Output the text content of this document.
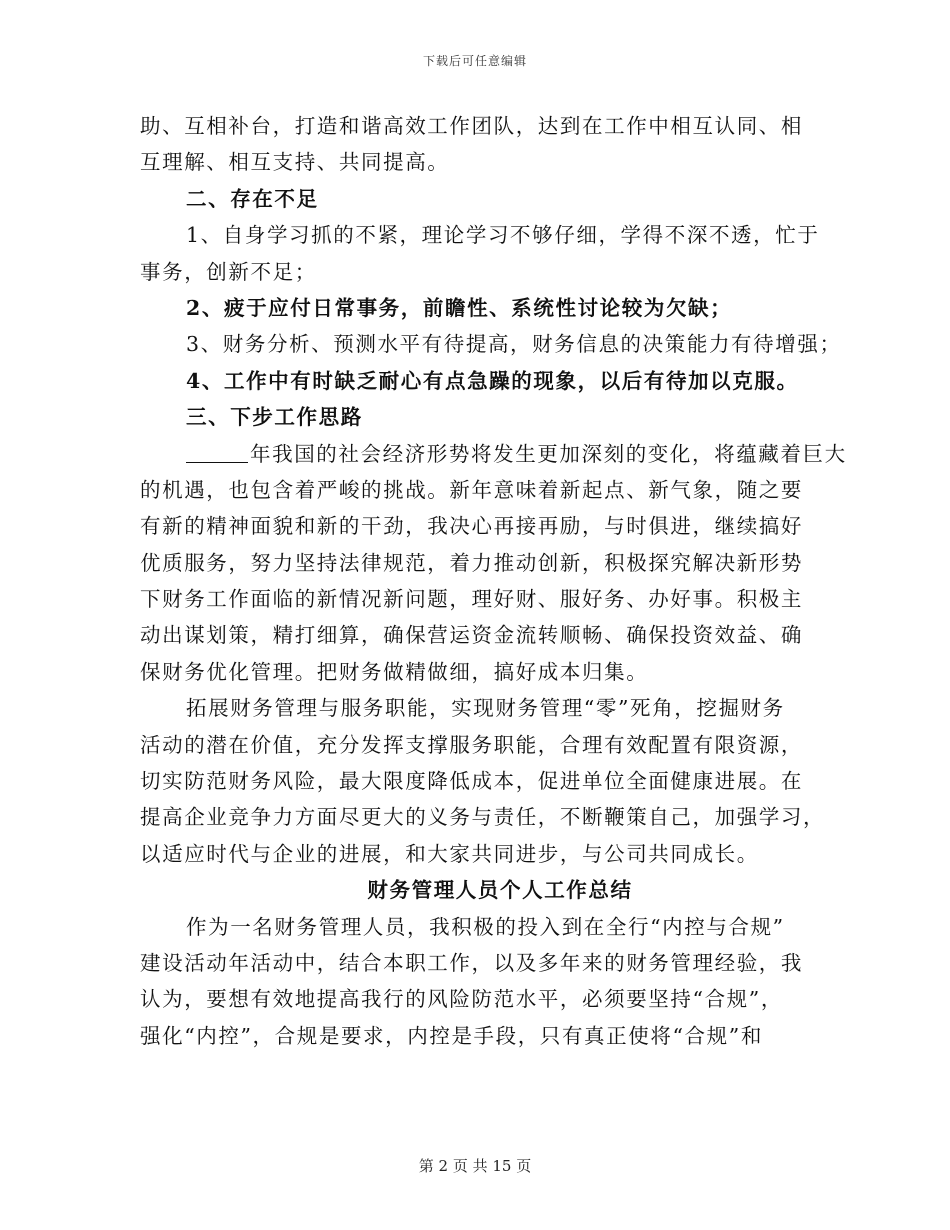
下载后可任意编辑
助、互相补台，打造和谐高效工作团队，达到在工作中相互认同、相
互理解、相互支持、共同提高。
二、存在不足
1、自身学习抓的不紧，理论学习不够仔细，学得不深不透，忙于
事务，创新不足；
2、疲于应付日常事务，前瞻性、系统性讨论较为欠缺；
3、财务分析、预测水平有待提高，财务信息的决策能力有待增强；
4、工作中有时缺乏耐心有点急躁的现象，以后有待加以克服。
三、下步工作思路
年我国的社会经济形势将发生更加深刻的变化，将蕴藏着巨大
的机遇，也包含着严峻的挑战。新年意味着新起点、新气象，随之要
有新的精神面貌和新的干劲，我决心再接再励，与时俱进，继续搞好
优质服务，努力坚持法律规范，着力推动创新，积极探究解决新形势
下财务工作面临的新情况新问题，理好财、服好务、办好事。积极主
动出谋划策，精打细算，确保营运资金流转顺畅、确保投资效益、确
保财务优化管理。把财务做精做细，搞好成本归集。
拓展财务管理与服务职能，实现财务管理“零”死角，挖掘财务
活动的潜在价值，充分发挥支撑服务职能，合理有效配置有限资源，
切实防范财务风险，最大限度降低成本，促进单位全面健康进展。在
提高企业竞争力方面尽更大的义务与责任，不断鞭策自己，加强学习，
以适应时代与企业的进展，和大家共同进步，与公司共同成长。
财务管理人员个人工作总结
作为一名财务管理人员，我积极的投入到在全行“内控与合规”
建设活动年活动中，结合本职工作，以及多年来的财务管理经验，我
认为，要想有效地提高我行的风险防范水平，必须要坚持“合规”，
强化“内控”，合规是要求，内控是手段，只有真正使将“合规”和
第 2 页 共 15 页
